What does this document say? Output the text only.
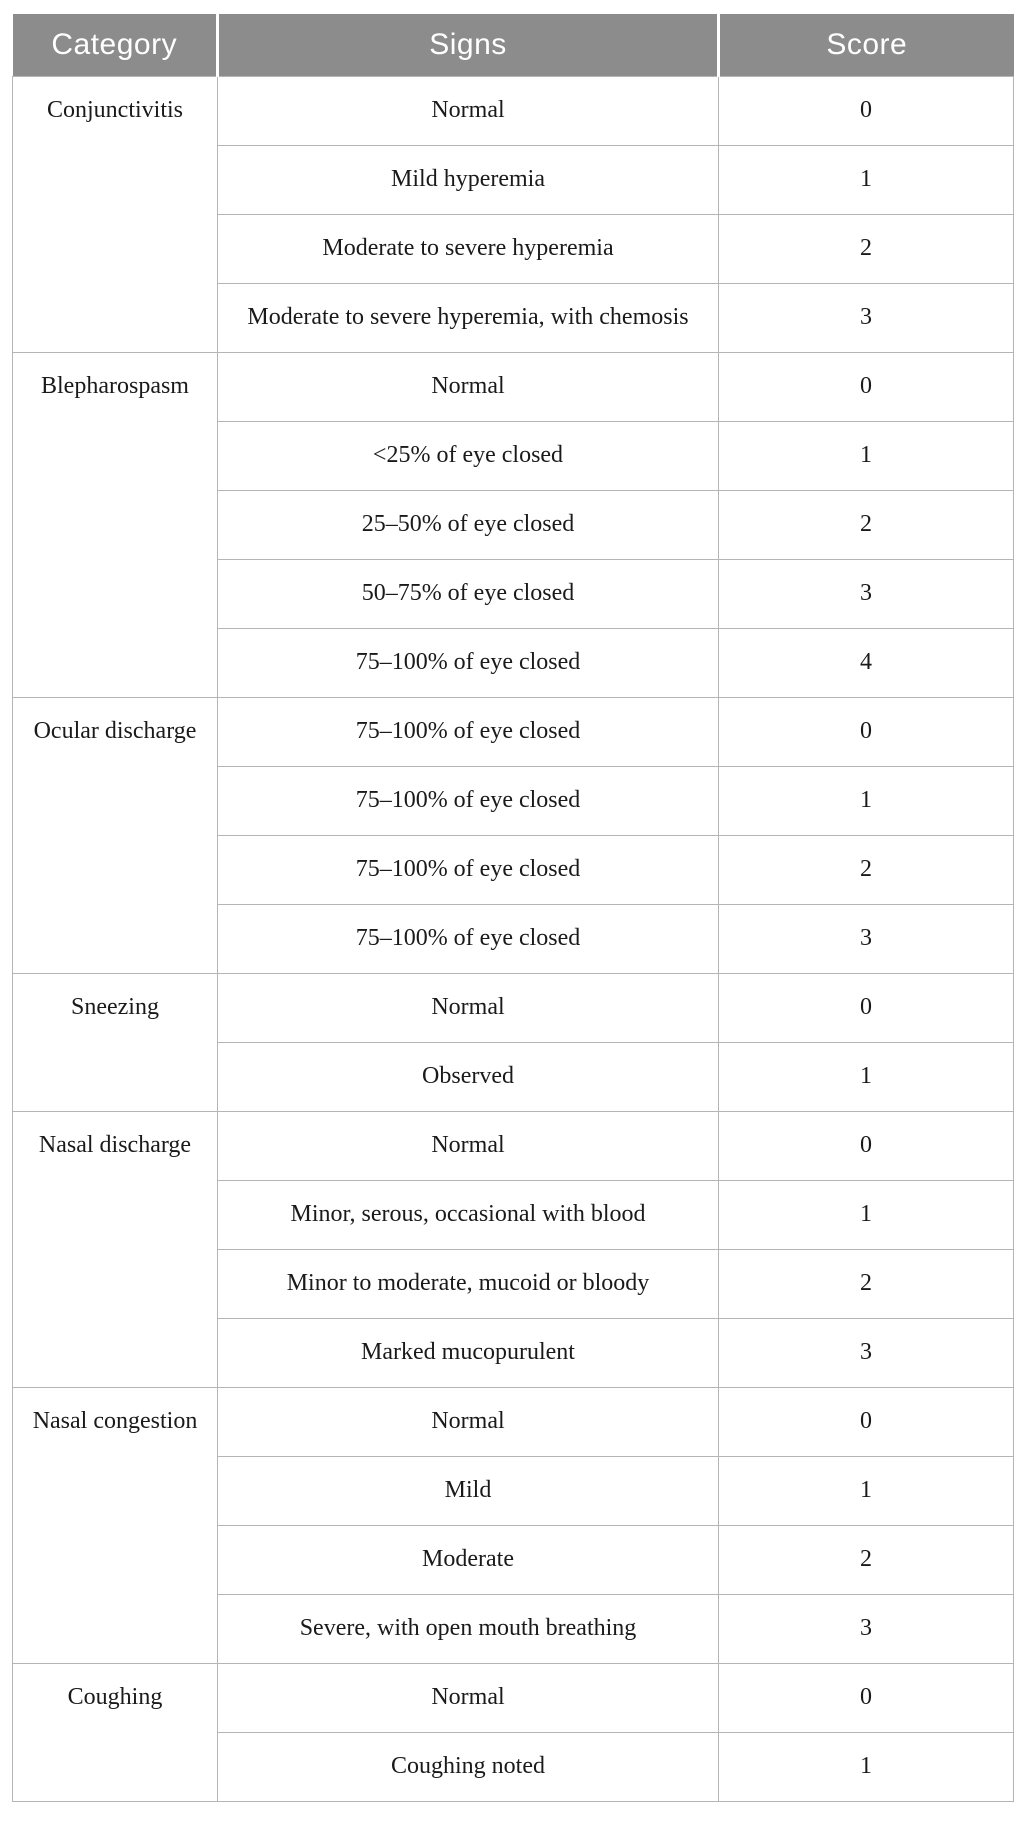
Category	Signs	Score
Conjunctivitis	Normal	0
	Mild hyperemia	1
	Moderate to severe hyperemia	2
	Moderate to severe hyperemia, with chemosis	3
Blepharospasm	Normal	0
	<25% of eye closed	1
	25–50% of eye closed	2
	50–75% of eye closed	3
	75–100% of eye closed	4
Ocular discharge	75–100% of eye closed	0
	75–100% of eye closed	1
	75–100% of eye closed	2
	75–100% of eye closed	3
Sneezing	Normal	0
	Observed	1
Nasal discharge	Normal	0
	Minor, serous, occasional with blood	1
	Minor to moderate, mucoid or bloody	2
	Marked mucopurulent	3
Nasal congestion	Normal	0
	Mild	1
	Moderate	2
	Severe, with open mouth breathing	3
Coughing	Normal	0
	Coughing noted	1
